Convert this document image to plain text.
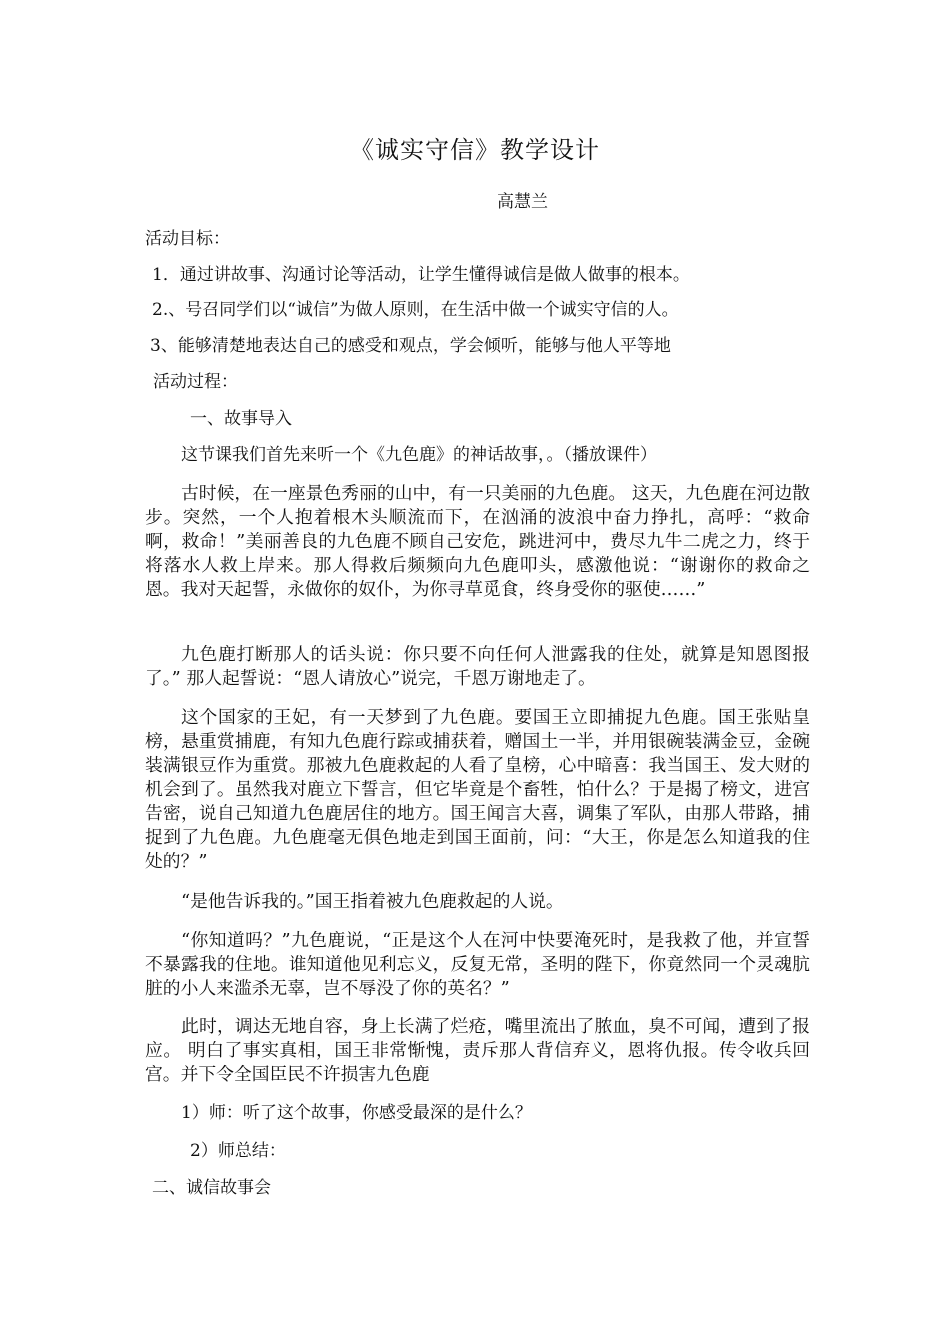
《诚实守信》教学设计
高慧兰
活动目标：
1．通过讲故事、沟通讨论等活动，让学生懂得诚信是做人做事的根本。
2.、号召同学们以“诚信”为做人原则，在生活中做一个诚实守信的人。
3、能够清楚地表达自己的感受和观点，学会倾听，能够与他人平等地
活动过程：
一、故事导入
这节课我们首先来听一个《九色鹿》的神话故事，。（播放课件）
古时候，在一座景色秀丽的山中，有一只美丽的九色鹿。 这天，九色鹿在河边散步。突然，一个人抱着根木头顺流而下，在汹涌的波浪中奋力挣扎，高呼：“救命啊，救命！”美丽善良的九色鹿不顾自己安危，跳进河中，费尽九牛二虎之力，终于将落水人救上岸来。那人得救后频频向九色鹿叩头，感激他说：“谢谢你的救命之恩。我对天起誓，永做你的奴仆，为你寻草觅食，终身受你的驱使……”
九色鹿打断那人的话头说：你只要不向任何人泄露我的住处，就算是知恩图报了。” 那人起誓说：“恩人请放心”说完，千恩万谢地走了。
这个国家的王妃，有一天梦到了九色鹿。要国王立即捕捉九色鹿。国王张贴皇榜，悬重赏捕鹿，有知九色鹿行踪或捕获着，赠国土一半，并用银碗装满金豆，金碗装满银豆作为重赏。那被九色鹿救起的人看了皇榜，心中暗喜：我当国王、发大财的机会到了。虽然我对鹿立下誓言，但它毕竟是个畜牲，怕什么？于是揭了榜文，进宫告密，说自己知道九色鹿居住的地方。国王闻言大喜，调集了军队，由那人带路，捕捉到了九色鹿。九色鹿毫无俱色地走到国王面前，问：“大王，你是怎么知道我的住处的？”
“是他告诉我的。”国王指着被九色鹿救起的人说。
“你知道吗？”九色鹿说，“正是这个人在河中快要淹死时，是我救了他，并宣誓不暴露我的住地。谁知道他见利忘义，反复无常，圣明的陛下，你竟然同一个灵魂肮脏的小人来滥杀无辜，岂不辱没了你的英名？”
此时，调达无地自容，身上长满了烂疮，嘴里流出了脓血，臭不可闻，遭到了报应。 明白了事实真相，国王非常惭愧，责斥那人背信弃义，恩将仇报。传令收兵回宫。并下令全国臣民不许损害九色鹿
1）师：听了这个故事，你感受最深的是什么？
2）师总结：
二、诚信故事会
